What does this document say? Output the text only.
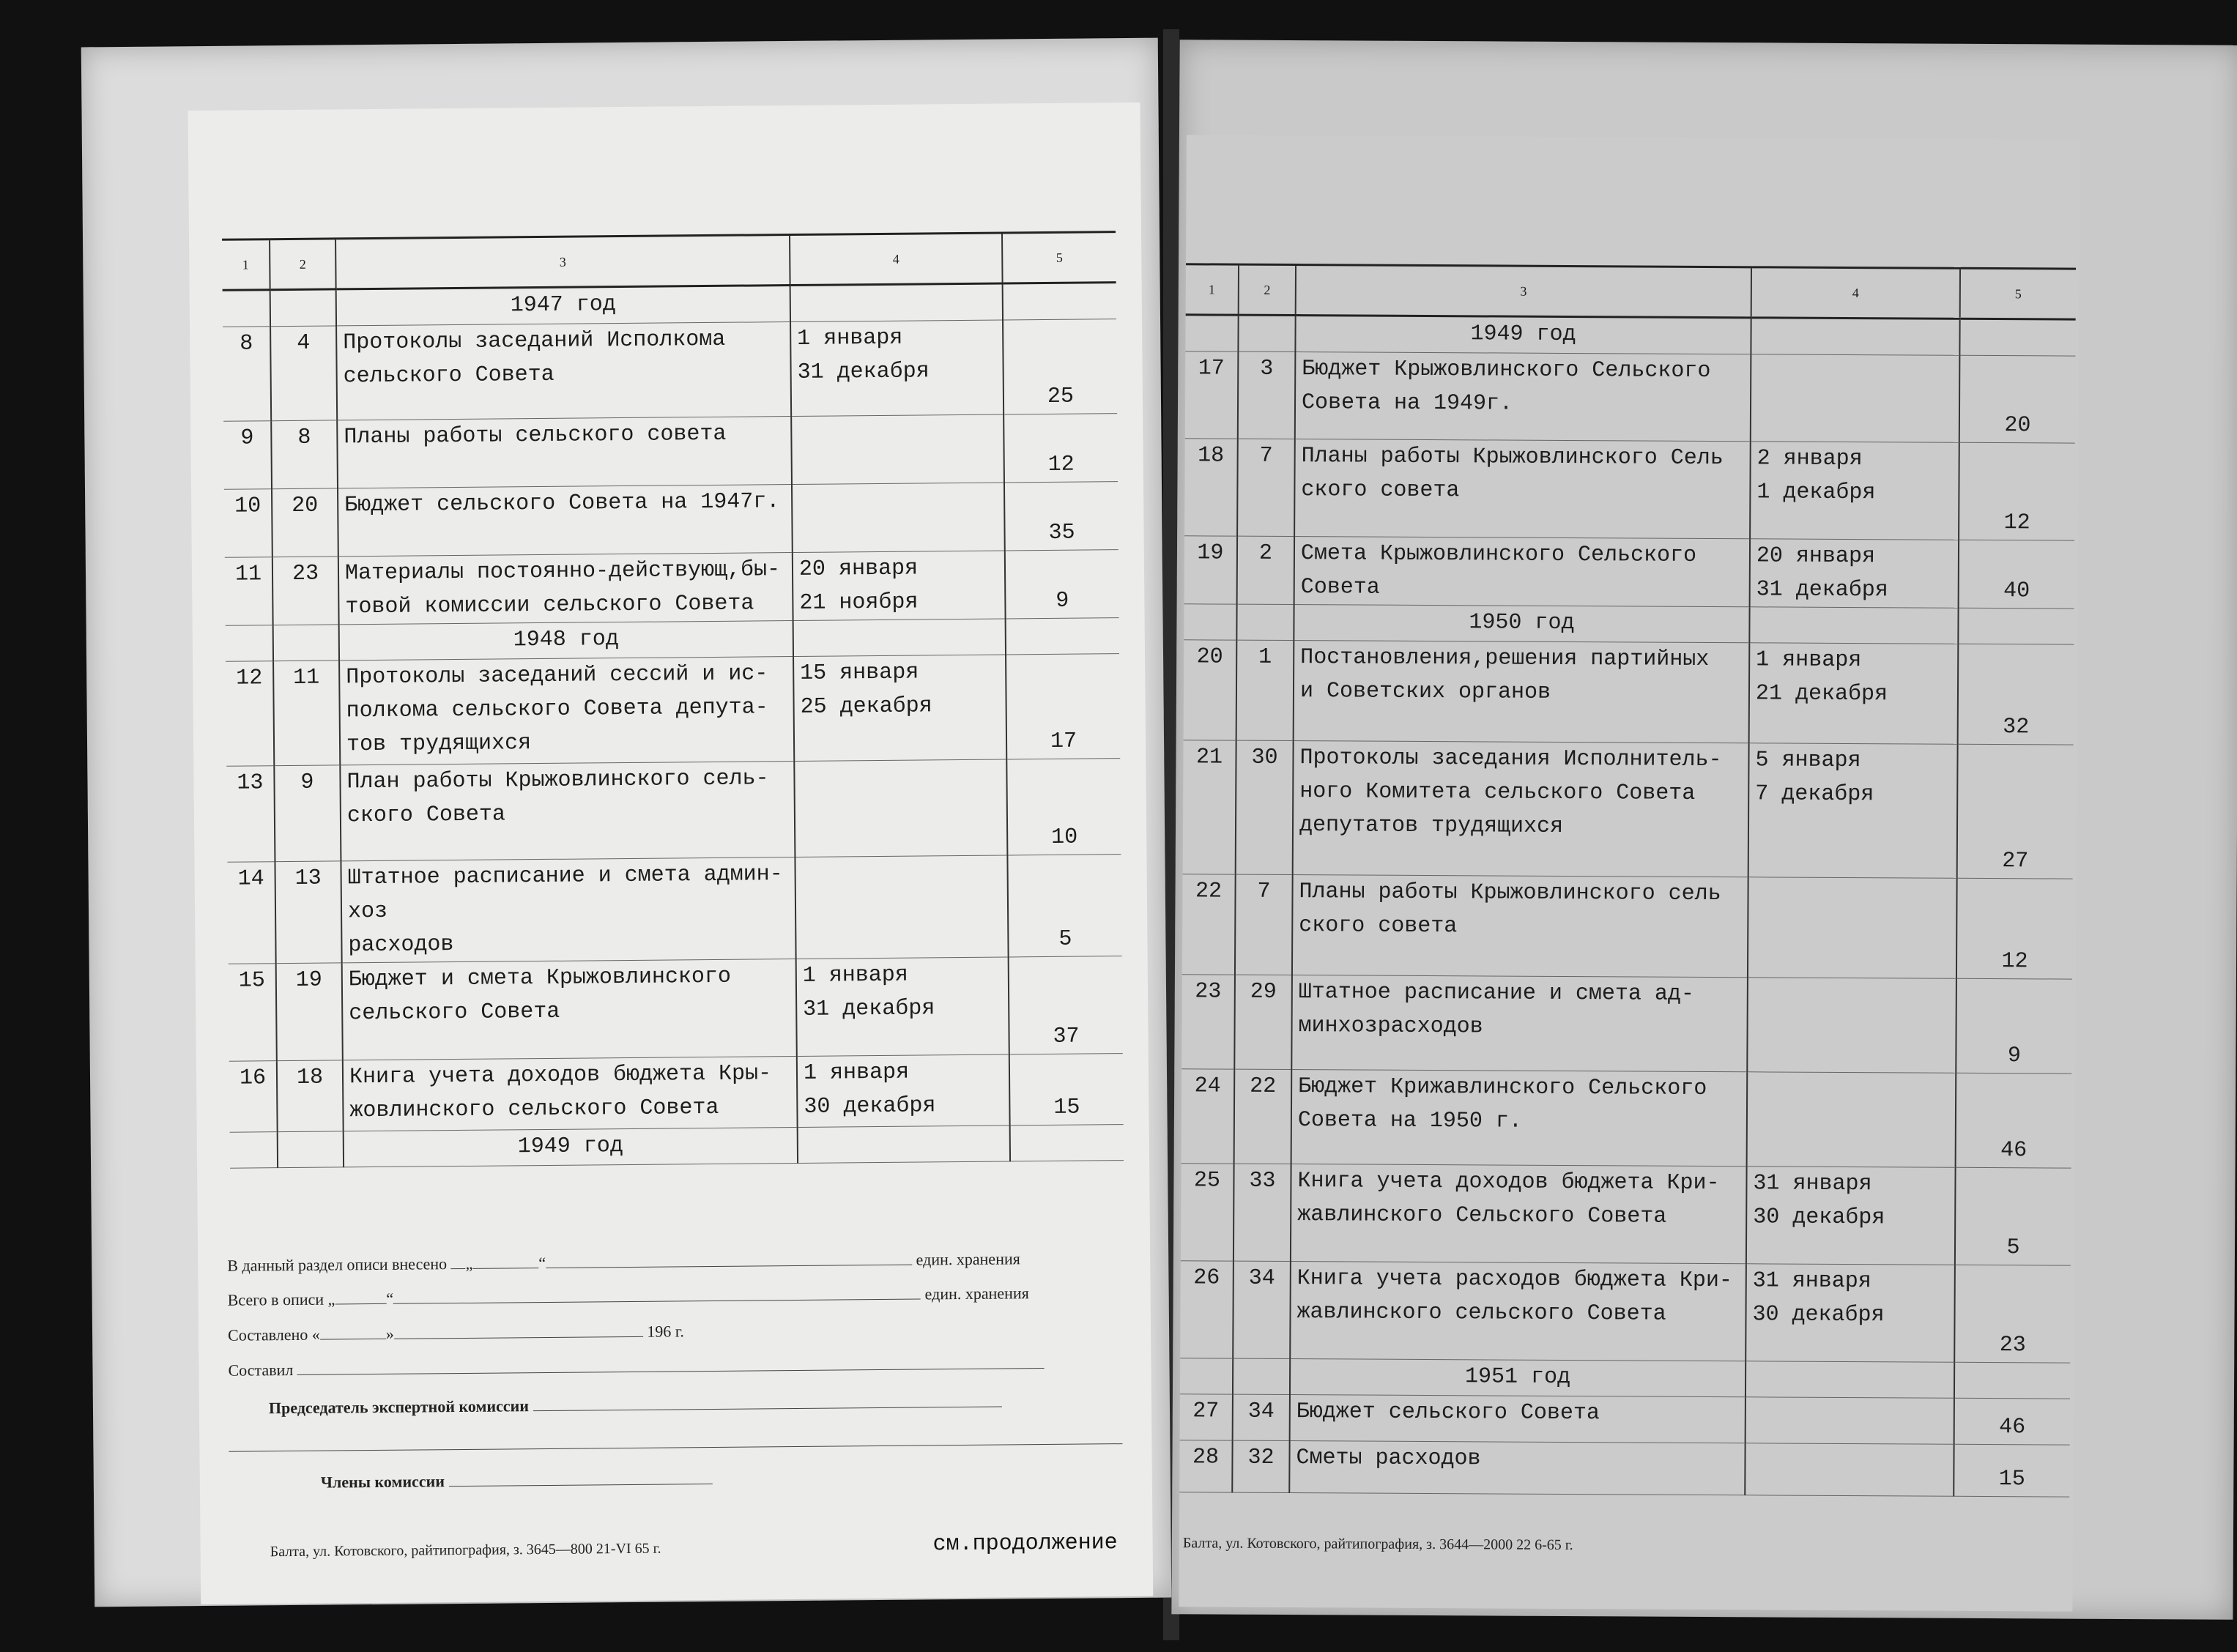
1	2	3	4	5
		1947 год		
8	4	Протоколы заседаний Исполкома
сельского Совета	1 января
31 декабря	25
9	8	Планы работы сельского совета		12
10	20	Бюджет сельского Совета на 1947г.		35
11	23	Материалы постоянно-действующ,бы-
товой комиссии сельского Совета	20 января
21 ноября	9
		1948 год		
12	11	Протоколы заседаний сессий и ис-
полкома сельского Совета депута-
тов трудящихся	15 января
25 декабря	17
13	9	План работы Крыжовлинского сель-
ского Совета		10
14	13	Штатное расписание и смета админ-хоз
расходов		5
15	19	Бюджет и смета Крыжовлинского
сельского Совета	1 января
31 декабря	37
16	18	Книга учета доходов бюджета Кры-
жовлинского сельского Совета	1 января
30 декабря	15
		1949 год		
В данный раздел описи внесено „	“	един. хранения
Всего в описи „	“	един. хранения
Составлено «	»	196 г.
Составил
Председатель экспертной комиссии
Члены комиссии
Балта, ул. Котовского, райтипография, з. 3645—800 21-VI 65 г.	см.продолжение
1	2	3	4	5
		1949 год		
17	3	Бюджет Крыжовлинского Сельского
Совета на 1949г.		20
18	7	Планы работы Крыжовлинского Сель
ского совета	2 января
1 декабря	12
19	2	Смета Крыжовлинского Сельского
Совета	20 января
31 декабря	40
		1950 год		
20	1	Постановления,решения партийных
и Советских органов	1 января
21 декабря	32
21	30	Протоколы заседания Исполнитель-
ного Комитета сельского Совета
депутатов трудящихся	5 января
7 декабря	27
22	7	Планы работы Крыжовлинского сель
ского совета		12
23	29	Штатное расписание и смета ад-
минхозрасходов		9
24	22	Бюджет Крижавлинского Сельского
Совета на 1950 г.		46
25	33	Книга учета доходов бюджета Кри-
жавлинского Сельского Совета	31 января
30 декабря	5
26	34	Книга учета расходов бюджета Кри-
жавлинского сельского Совета	31 января
30 декабря	23
		1951 год		
27	34	Бюджет сельского Совета		46
28	32	Сметы расходов		15
Балта, ул. Котовского, райтипография, з. 3644—2000 22 6-65 г.
